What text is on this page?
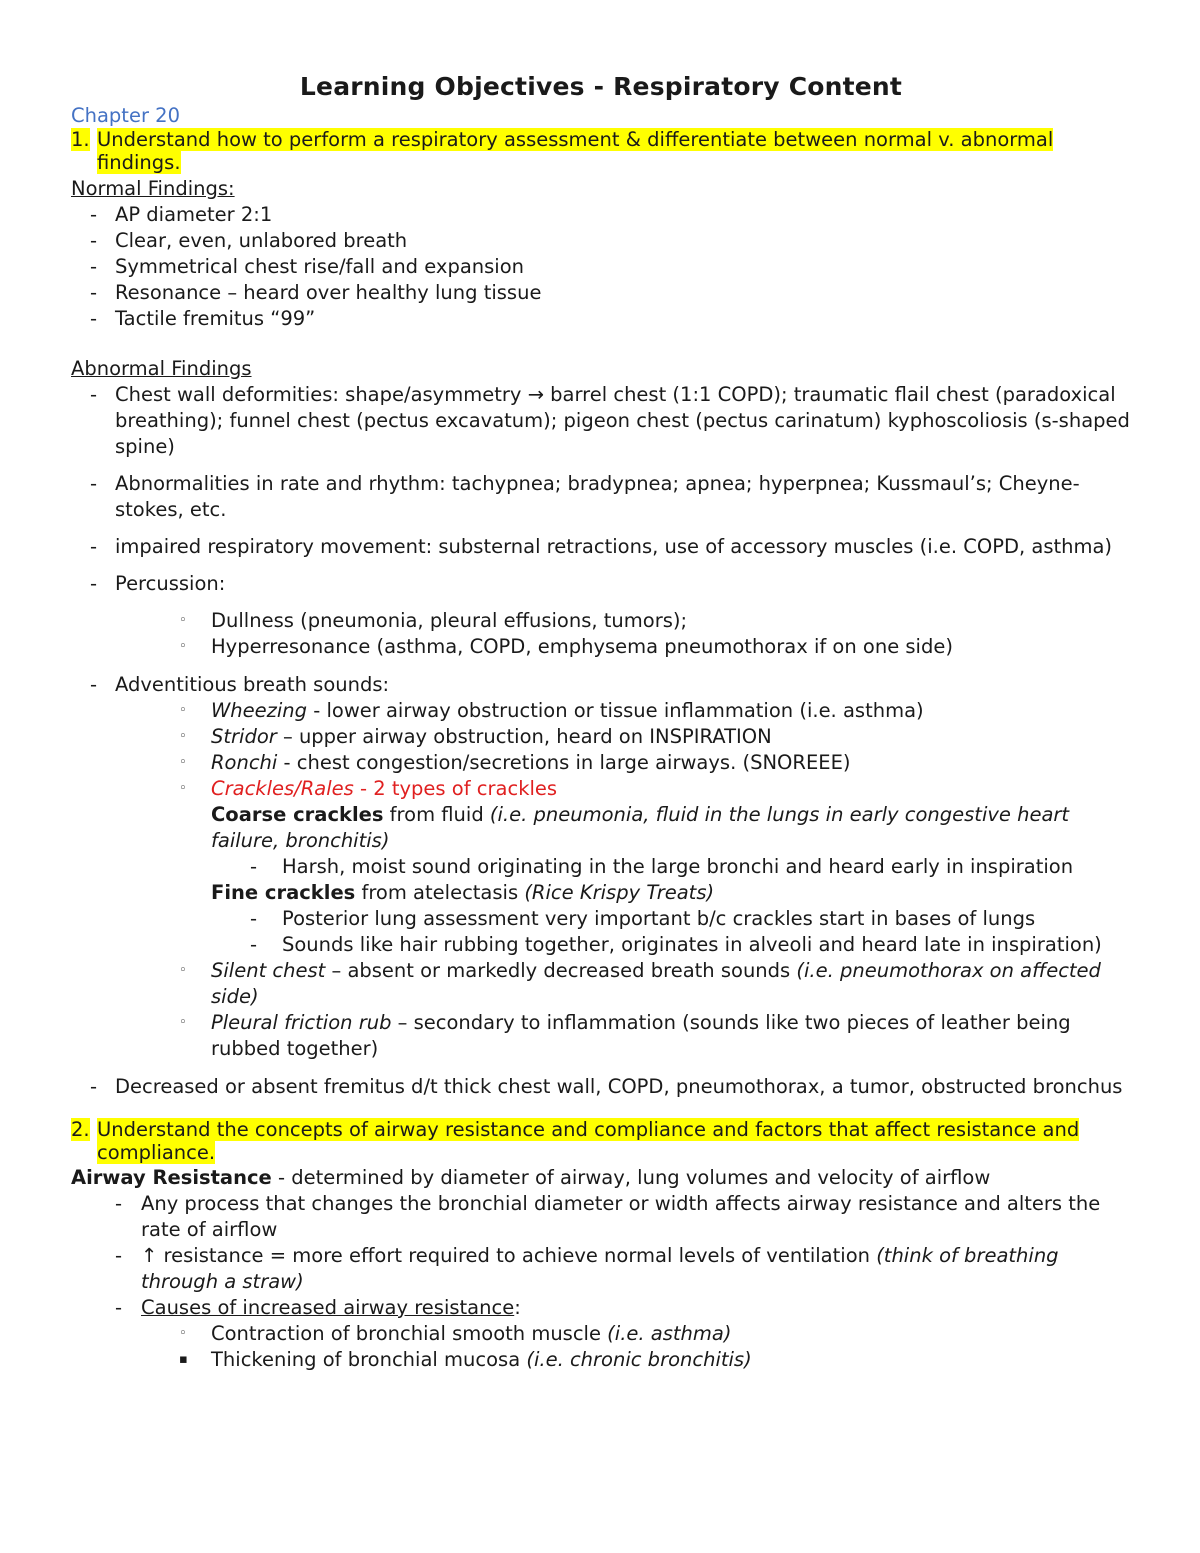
Learning Objectives - Respiratory Content
Chapter 20
1. Understand how to perform a respiratory assessment & differentiate between normal v. abnormal findings.
Normal Findings:
- AP diameter 2:1
- Clear, even, unlabored breath
- Symmetrical chest rise/fall and expansion
- Resonance – heard over healthy lung tissue
- Tactile fremitus “99”
Abnormal Findings
- Chest wall deformities: shape/asymmetry → barrel chest (1:1 COPD); traumatic flail chest (paradoxical breathing); funnel chest (pectus excavatum); pigeon chest (pectus carinatum) kyphoscoliosis (s-shaped spine)
- Abnormalities in rate and rhythm: tachypnea; bradypnea; apnea; hyperpnea; Kussmaul’s; Cheyne-stokes, etc.
- impaired respiratory movement: substernal retractions, use of accessory muscles (i.e. COPD, asthma)
- Percussion:
◦ Dullness (pneumonia, pleural effusions, tumors);
◦ Hyperresonance (asthma, COPD, emphysema pneumothorax if on one side)
- Adventitious breath sounds:
◦ Wheezing - lower airway obstruction or tissue inflammation (i.e. asthma)
◦ Stridor – upper airway obstruction, heard on INSPIRATION
◦ Ronchi - chest congestion/secretions in large airways. (SNOREEE)
◦ Crackles/Rales - 2 types of crackles
Coarse crackles from fluid (i.e. pneumonia, fluid in the lungs in early congestive heart failure, bronchitis)
- Harsh, moist sound originating in the large bronchi and heard early in inspiration
Fine crackles from atelectasis (Rice Krispy Treats)
- Posterior lung assessment very important b/c crackles start in bases of lungs
- Sounds like hair rubbing together, originates in alveoli and heard late in inspiration)
◦ Silent chest – absent or markedly decreased breath sounds (i.e. pneumothorax on affected side)
◦ Pleural friction rub – secondary to inflammation (sounds like two pieces of leather being rubbed together)
- Decreased or absent fremitus d/t thick chest wall, COPD, pneumothorax, a tumor, obstructed bronchus
2. Understand the concepts of airway resistance and compliance and factors that affect resistance and compliance.
Airway Resistance - determined by diameter of airway, lung volumes and velocity of airflow
- Any process that changes the bronchial diameter or width affects airway resistance and alters the rate of airflow
- ↑ resistance = more effort required to achieve normal levels of ventilation (think of breathing through a straw)
- Causes of increased airway resistance:
◦ Contraction of bronchial smooth muscle (i.e. asthma)
▪ Thickening of bronchial mucosa (i.e. chronic bronchitis)
